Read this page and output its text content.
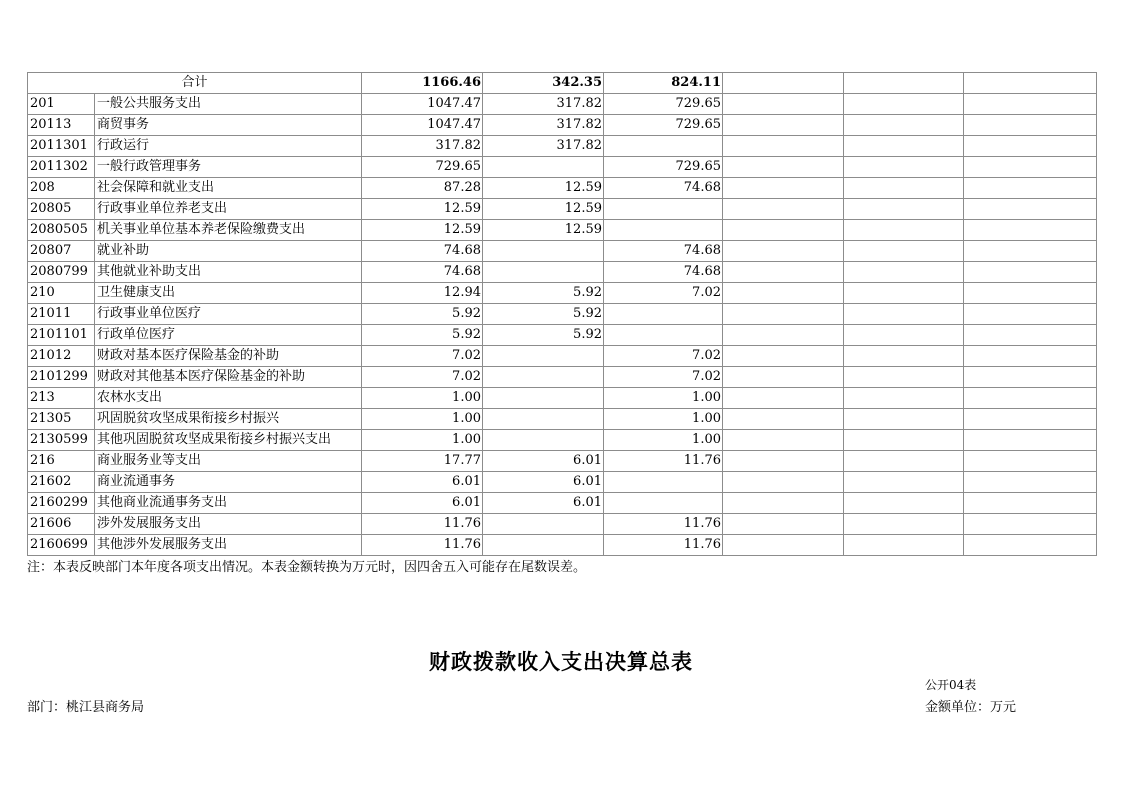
合计		1166.46	342.35	824.11			
201	一般公共服务支出	1047.47	317.82	729.65			
20113	商贸事务	1047.47	317.82	729.65			
2011301	行政运行	317.82	317.82				
2011302	一般行政管理事务	729.65		729.65			
208	社会保障和就业支出	87.28	12.59	74.68			
20805	行政事业单位养老支出	12.59	12.59				
2080505	机关事业单位基本养老保险缴费支出	12.59	12.59				
20807	就业补助	74.68		74.68			
2080799	其他就业补助支出	74.68		74.68			
210	卫生健康支出	12.94	5.92	7.02			
21011	行政事业单位医疗	5.92	5.92				
2101101	行政单位医疗	5.92	5.92				
21012	财政对基本医疗保险基金的补助	7.02		7.02			
2101299	财政对其他基本医疗保险基金的补助	7.02		7.02			
213	农林水支出	1.00		1.00			
21305	巩固脱贫攻坚成果衔接乡村振兴	1.00		1.00			
2130599	其他巩固脱贫攻坚成果衔接乡村振兴支出	1.00		1.00			
216	商业服务业等支出	17.77	6.01	11.76			
21602	商业流通事务	6.01	6.01				
2160299	其他商业流通事务支出	6.01	6.01				
21606	涉外发展服务支出	11.76		11.76			
2160699	其他涉外发展服务支出	11.76		11.76			
注：本表反映部门本年度各项支出情况。本表金额转换为万元时，因四舍五入可能存在尾数误差。
财政拨款收入支出决算总表
公开04表
部门：桃江县商务局	金额单位：万元
